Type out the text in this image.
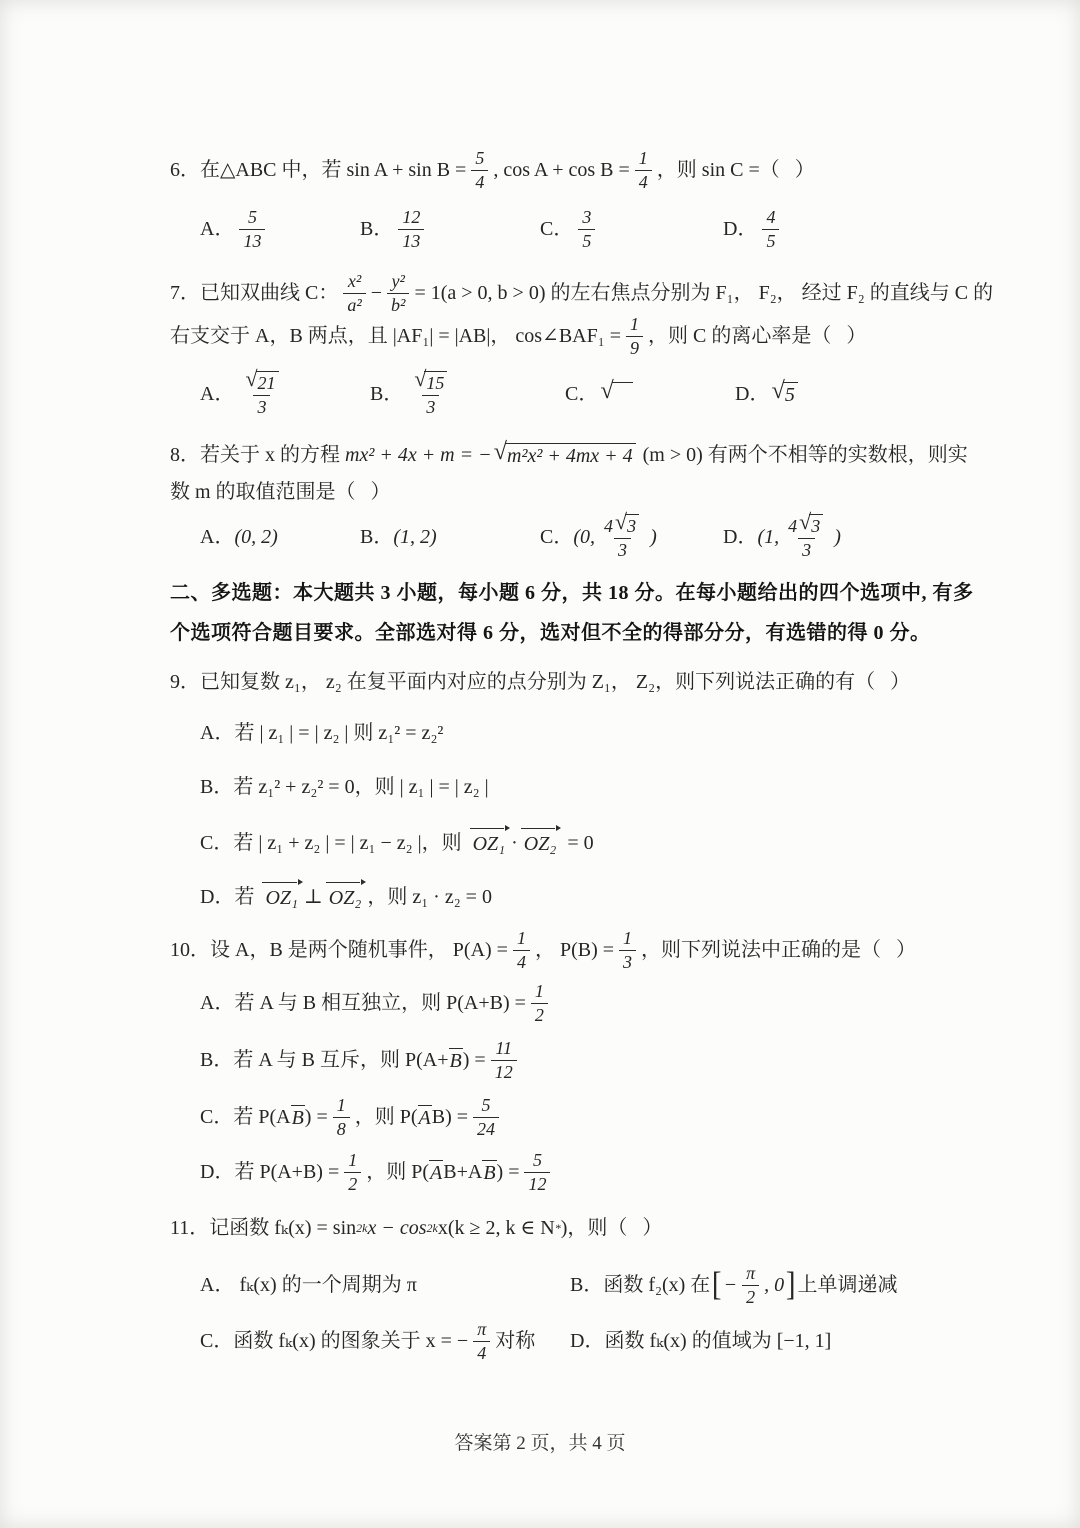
6．在△ABC 中，若 $\sin A + \sin B = \frac{5}{4}$ , $\cos A + \cos B = \frac{1}{4}$ ，则 sin C =（   ）
A． $\frac{5}{13}$	B． $\frac{12}{13}$	C． $\frac{3}{5}$	D． $\frac{4}{5}$
7．已知双曲线 C： $\frac{\text{x²}}{\text{a²}} - \frac{\text{y²}}{\text{b²}} = 1(a > 0$, b > 0) 的左右焦点分别为 F₁， F₂， 经过 F₂ 的直线与 C 的
右支交于 A，B 两点，且 |AF₁| = |AB|， cos∠BAF₁ = $\frac{1}{9}$ ，则 C 的离心率是（   ）
A． $\frac{√ 21}{3}$	B． $\frac{√ 15}{3}$	C． √	D． √ 5
8．若关于 x 的方程 mx² + 4x + m = − √ m²x² + 4mx + 4 (m > 0) 有两个不相等的实数根，则实
数 m 的取值范围是（   ）
A． (0, 2)	B． (1, 2)	C． (0, $\frac{4 √ 3}{3}$ )	D． (1, $\frac{4 √ 3}{3}$ )
二、多选题：本大题共 3 小题，每小题 6 分，共 18 分。在每小题给出的四个选项中, 有多
个选项符合题目要求。全部选对得 6 分，选对但不全的得部分分，有选错的得 0 分。
9．已知复数 z₁， z₂ 在复平面内对应的点分别为 Z₁， Z₂，则下列说法正确的有（   ）
A．若 | z₁ | = | z₂ | 则 z₁² = z₂²
B．若 z₁² + z₂² = 0，则 | z₁ | = | z₂ |
C．若 | z₁ + z₂ | = | z₁ − z₂ |，则 OZ₁ · OZ₂ = 0
D．若 OZ₁ ⊥ OZ₂ ，则 z₁ · z₂ = 0
10．设 A，B 是两个随机事件， $P(A) = \frac{1}{4}$ ， $P(B) = \frac{1}{3}$ ，则下列说法中正确的是（   ）
A．若 A 与 B 相互独立，则 $P(A+B) = \frac{1}{2}$
B．若 A 与 B 互斥，则 P(A+ B ) = $\frac{11}{12}$
C．若 P(A B ) = $\frac{1}{8}$ ，则 P( A $B) = \frac{5}{24}$
D．若 $P(A+B) = \frac{1}{2}$ ，则 P( A B+A B ) = $\frac{5}{12}$
11．记函数 fₖ(x) = sin 2k x − cos 2k x(k ≥ 2, k ∈ N * )，则（   ）
A． fₖ(x) 的一个周期为 π	B．函数 f₂(x) 在 [ − $\frac{\pi}{2}$ , 0 ] 上单调递减
C．函数 fₖ(x) 的图象关于 x = − $\frac{\pi}{4}$ 对称 D．函数 fₖ(x) 的值域为 [−1, 1]
答案第 2 页，共 4 页
